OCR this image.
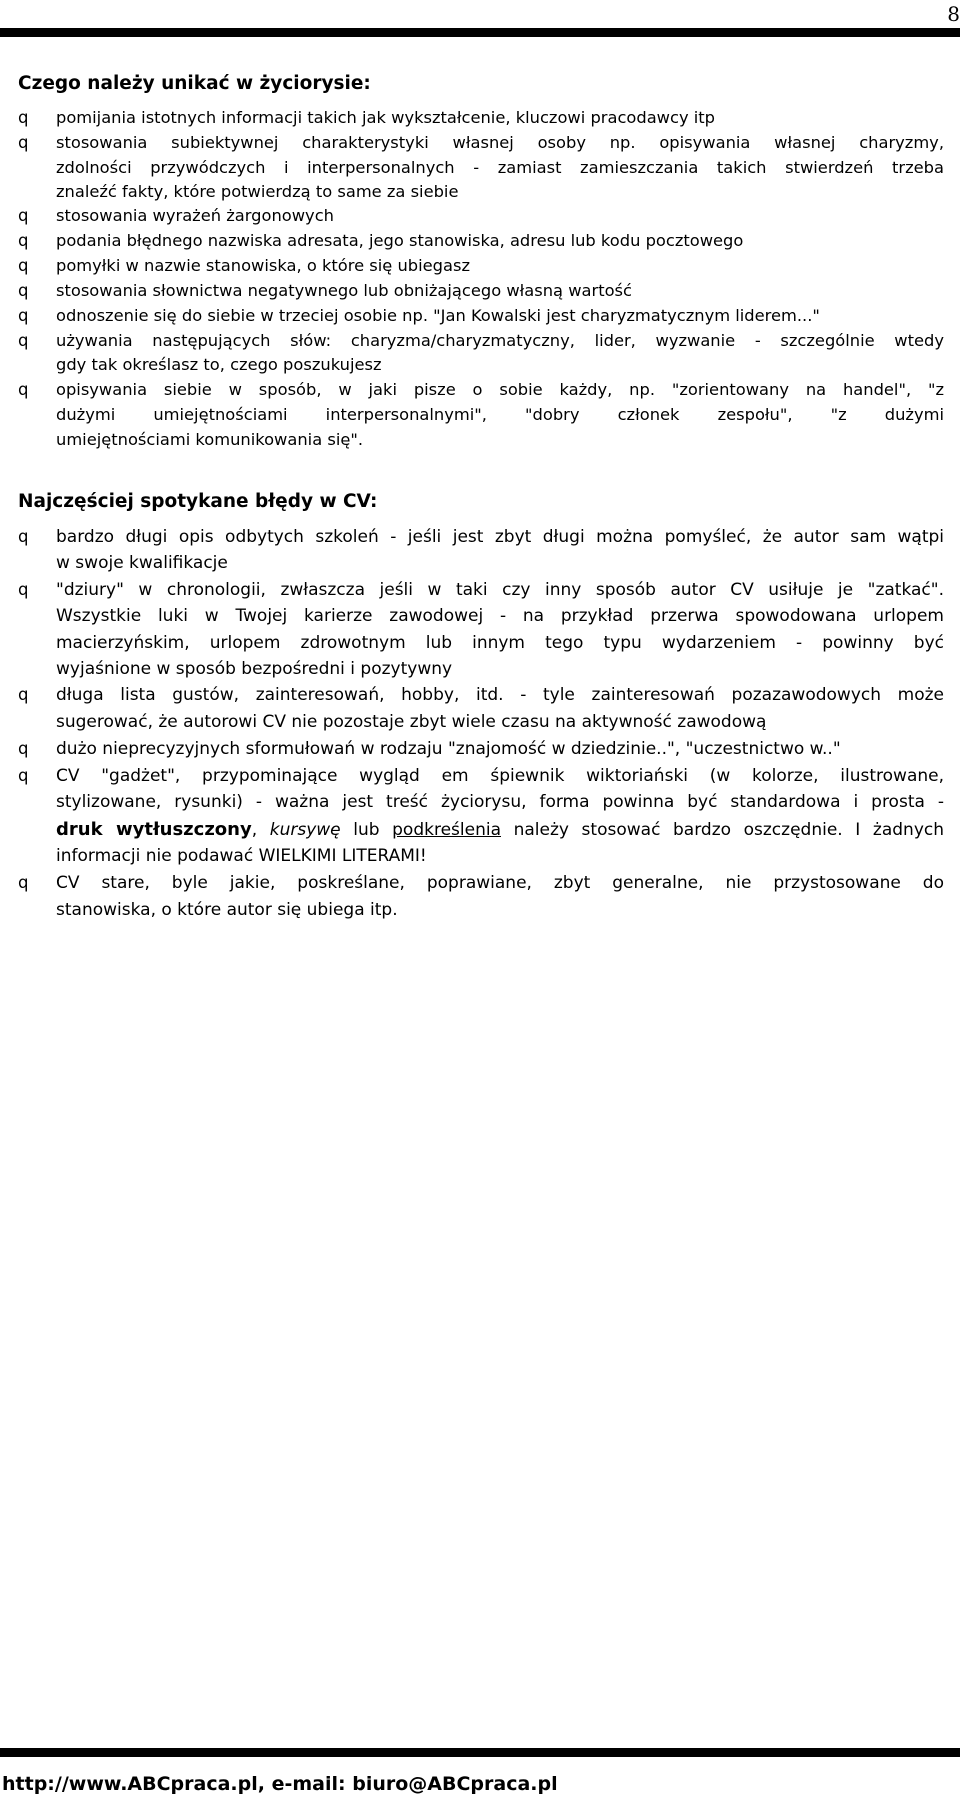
8
Czego należy unikać w życiorysie:
q pomijania istotnych informacji takich jak wykształcenie, kluczowi pracodawcy itp
q stosowania subiektywnej charakterystyki własnej osoby np. opisywania własnej charyzmy,
zdolności przywódczych i interpersonalnych - zamiast zamieszczania takich stwierdzeń trzeba
znaleźć fakty, które potwierdzą to same za siebie
q stosowania wyrażeń żargonowych
q podania błędnego nazwiska adresata, jego stanowiska, adresu lub kodu pocztowego
q pomyłki w nazwie stanowiska, o które się ubiegasz
q stosowania słownictwa negatywnego lub obniżającego własną wartość
q odnoszenie się do siebie w trzeciej osobie np. "Jan Kowalski jest charyzmatycznym liderem..."
q używania następujących słów: charyzma/charyzmatyczny, lider, wyzwanie - szczególnie wtedy
gdy tak określasz to, czego poszukujesz
q opisywania siebie w sposób, w jaki pisze o sobie każdy, np. "zorientowany na handel", "z
dużymi umiejętnościami interpersonalnymi", "dobry członek zespołu", "z dużymi
umiejętnościami komunikowania się".
Najczęściej spotykane błędy w CV:
q bardzo długi opis odbytych szkoleń - jeśli jest zbyt długi można pomyśleć, że autor sam wątpi
w swoje kwalifikacje
q "dziury" w chronologii, zwłaszcza jeśli w taki czy inny sposób autor CV usiłuje je "zatkać".
Wszystkie luki w Twojej karierze zawodowej - na przykład przerwa spowodowana urlopem
macierzyńskim, urlopem zdrowotnym lub innym tego typu wydarzeniem - powinny być
wyjaśnione w sposób bezpośredni i pozytywny
q długa lista gustów, zainteresowań, hobby, itd. - tyle zainteresowań pozazawodowych może
sugerować, że autorowi CV nie pozostaje zbyt wiele czasu na aktywność zawodową
q dużo nieprecyzyjnych sformułowań w rodzaju "znajomość w dziedzinie..", "uczestnictwo w.."
q CV "gadżet", przypominające wygląd em śpiewnik wiktoriański (w kolorze, ilustrowane,
stylizowane, rysunki) - ważna jest treść życiorysu, forma powinna być standardowa i prosta -
druk wytłuszczony, kursywę lub podkreślenia należy stosować bardzo oszczędnie. I żadnych
informacji nie podawać WIELKIMI LITERAMI!
q CV stare, byle jakie, poskreślane, poprawiane, zbyt generalne, nie przystosowane do
stanowiska, o które autor się ubiega itp.
http://www.ABCpraca.pl, e-mail: biuro@ABCpraca.pl
